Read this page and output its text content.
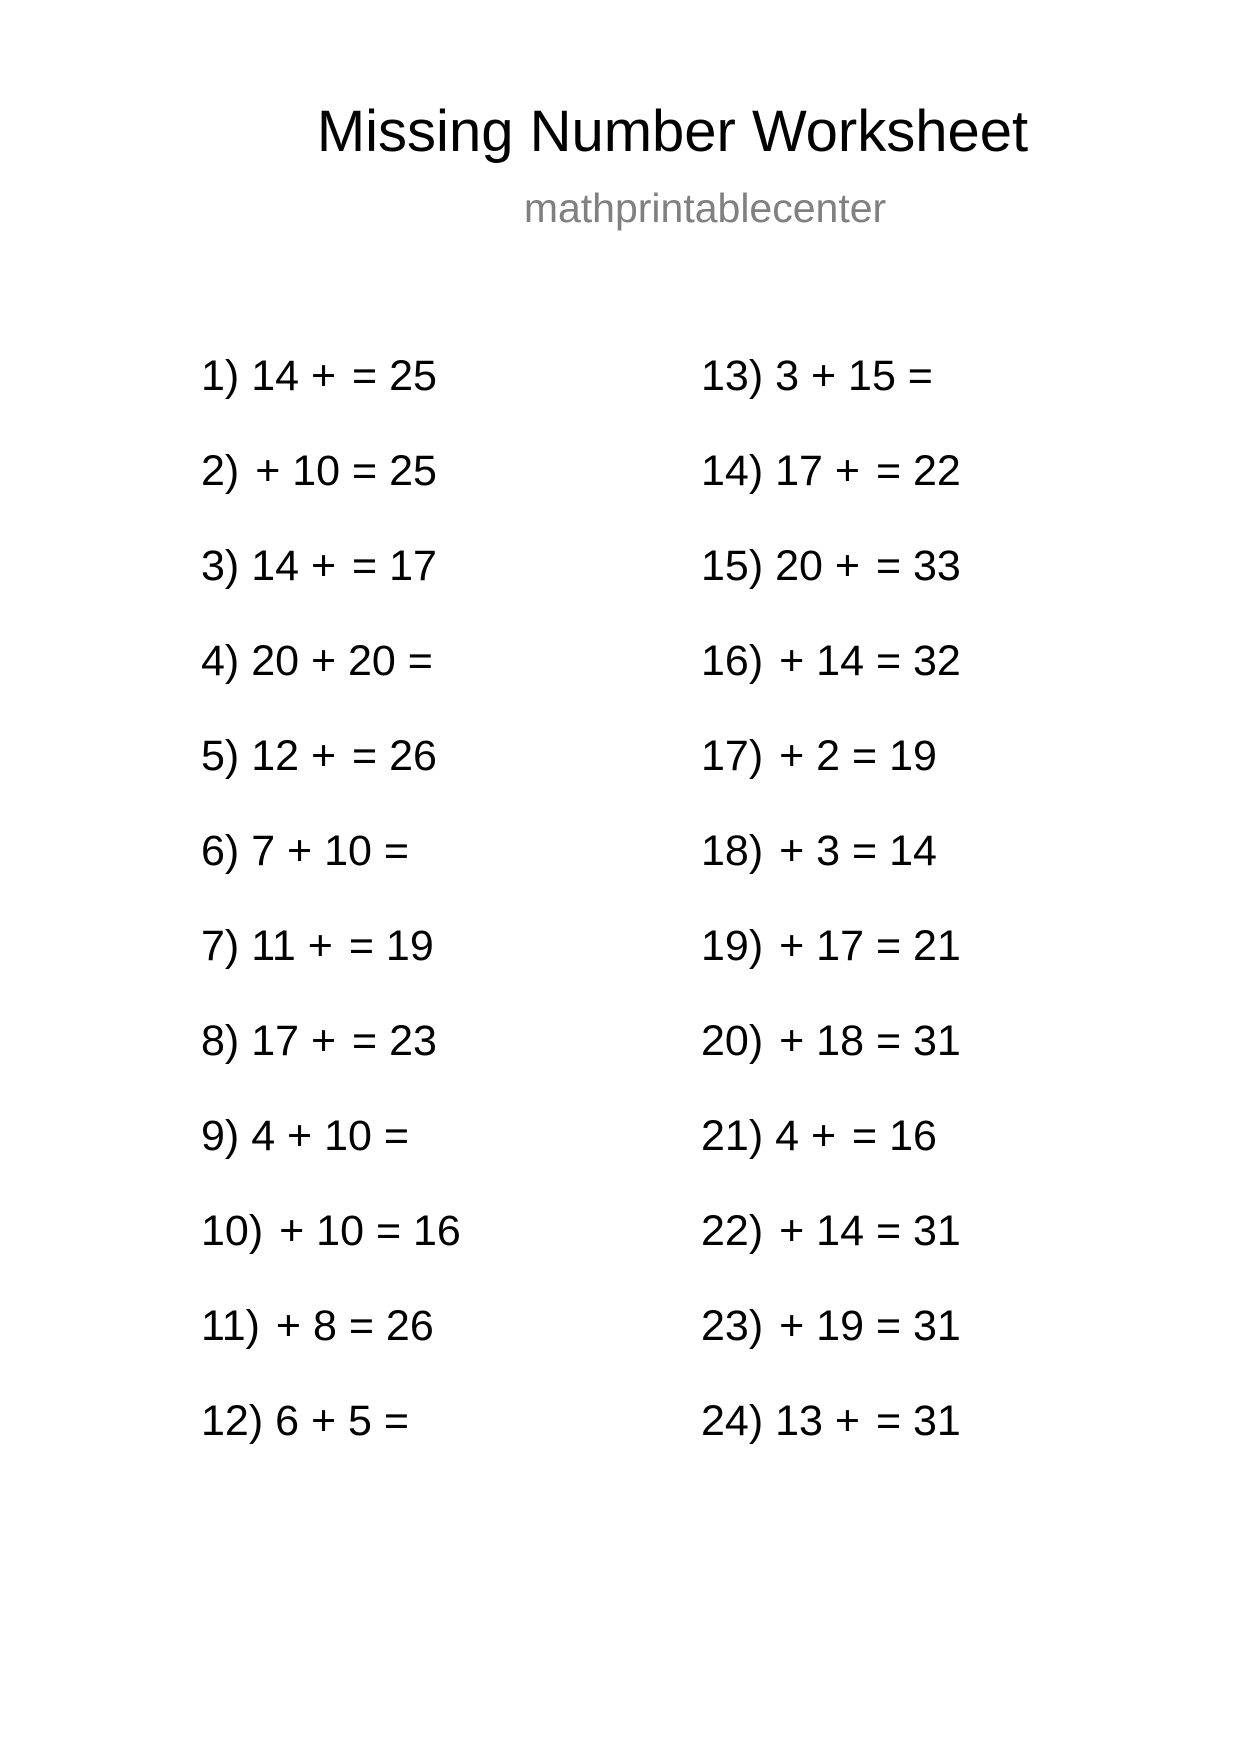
Missing Number Worksheet
mathprintablecenter
1) 14 + = 25
2) + 10 = 25
3) 14 + = 17
4) 20 + 20 =
5) 12 + = 26
6) 7 + 10 =
7) 11 + = 19
8) 17 + = 23
9) 4 + 10 =
10) + 10 = 16
11) + 8 = 26
12) 6 + 5 =
13) 3 + 15 =
14) 17 + = 22
15) 20 + = 33
16) + 14 = 32
17) + 2 = 19
18) + 3 = 14
19) + 17 = 21
20) + 18 = 31
21) 4 + = 16
22) + 14 = 31
23) + 19 = 31
24) 13 + = 31
